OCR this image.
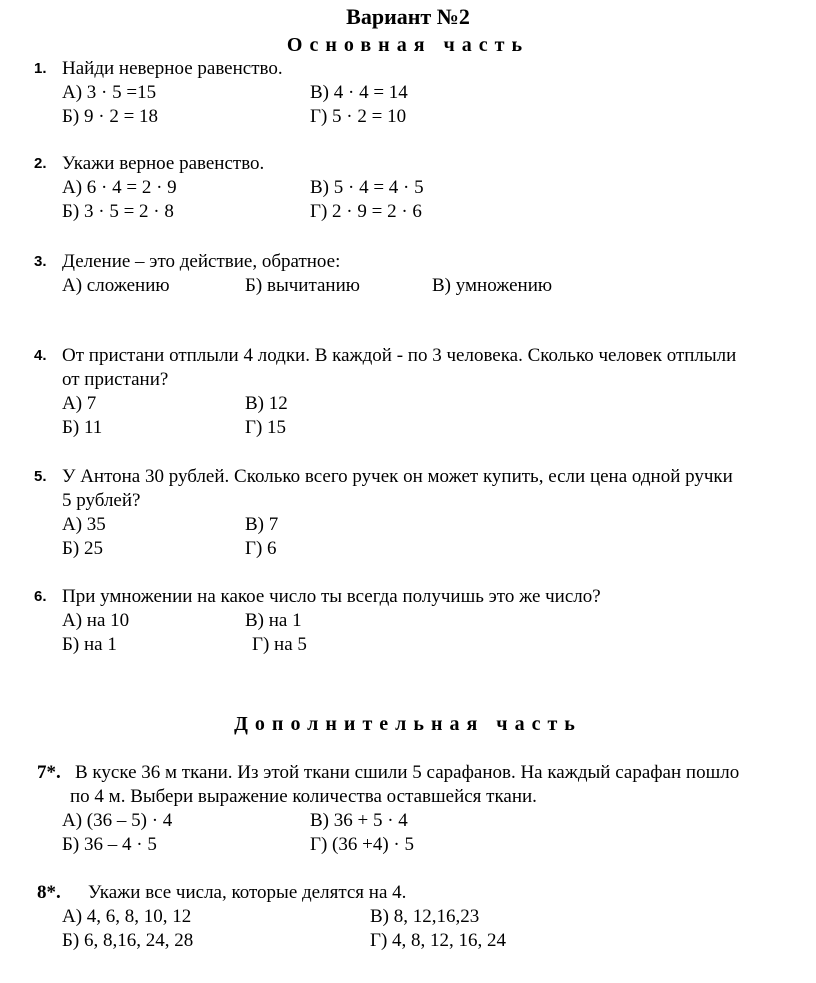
Вариант №2
Основная часть
1. Найди неверное равенство.
А) 3 · 5 =15	В) 4 · 4 = 14
Б) 9 · 2 = 18	Г) 5 · 2 = 10
2. Укажи верное равенство.
А) 6 · 4 = 2 · 9	В) 5 · 4 = 4 · 5
Б) 3 · 5 = 2 · 8	Г) 2 · 9 = 2 · 6
3. Деление – это действие, обратное:
А) сложению	Б) вычитанию	В) умножению
4. От пристани отплыли 4 лодки. В каждой - по 3 человека. Сколько человек отплыли
от пристани?
А) 7	В) 12
Б) 11	Г) 15
5. У Антона 30 рублей. Сколько всего ручек он может купить, если цена одной ручки
5 рублей?
А) 35	В) 7
Б) 25	Г) 6
6. При умножении на какое число ты всегда получишь это же число?
А) на 10	В) на 1
Б) на 1	Г) на 5
Дополнительная часть
7*. В куске 36 м ткани. Из этой ткани сшили 5 сарафанов. На каждый сарафан пошло
по 4 м. Выбери выражение количества оставшейся ткани.
А) (36 – 5) · 4	В) 36 + 5 · 4
Б) 36 – 4 · 5	Г) (36 +4) · 5
8*. Укажи все числа, которые делятся на 4.
А) 4, 6, 8, 10, 12	В) 8, 12,16,23
Б) 6, 8,16, 24, 28	Г) 4, 8, 12, 16, 24
